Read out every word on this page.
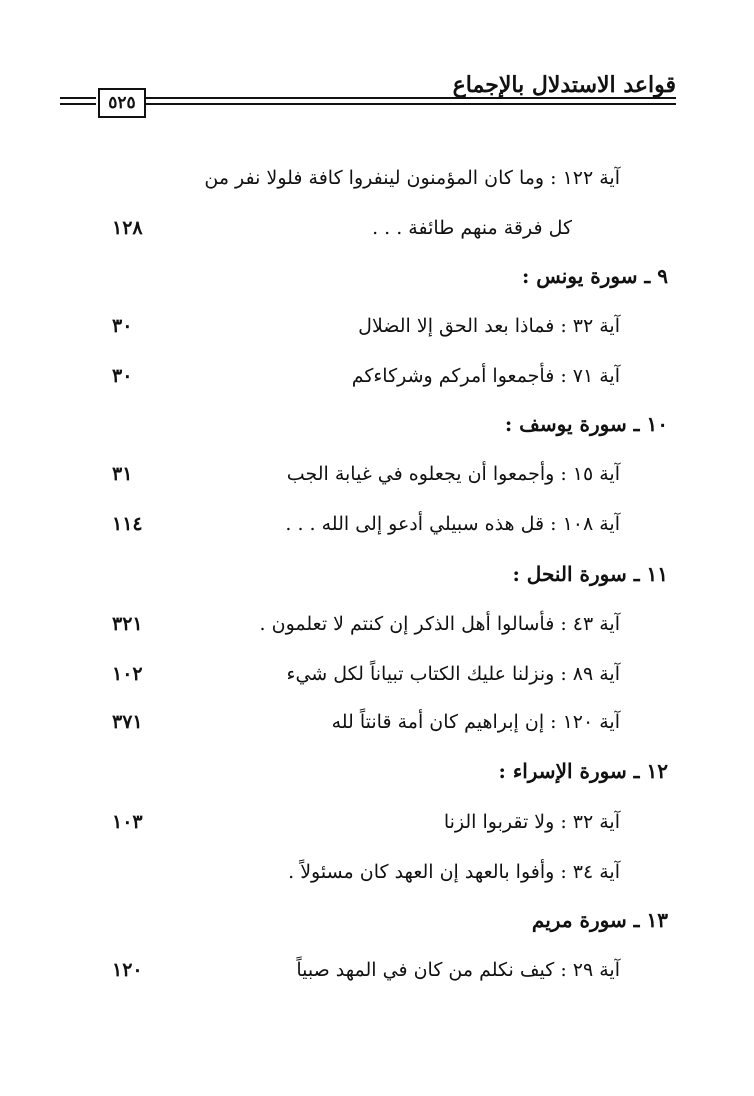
٥٢٥
قواعد الاستدلال بالإجماع
آية ١٢٢ : وما كان المؤمنون لينفروا كافة فلولا نفر من
كل فرقة منهم طائفة . . .
١٢٨
٩ ـ سورة يونس :
آية ٣٢ : فماذا بعد الحق إلا الضلال
٣٠
آية ٧١ : فأجمعوا أمركم وشركاءكم
٣٠
١٠ ـ سورة يوسف :
آية ١٥ : وأجمعوا أن يجعلوه في غيابة الجب
٣١
آية ١٠٨ : قل هذه سبيلي أدعو إلى الله . . .
١١٤
١١ ـ سورة النحل :
آية ٤٣ : فأسالوا أهل الذكر إن كنتم لا تعلمون .
٣٢١
آية ٨٩ : ونزلنا عليك الكتاب تبياناً لكل شيء
١٠٢
آية ١٢٠ : إن إبراهيم كان أمة قانتاً لله
٣٧١
١٢ ـ سورة الإسراء :
آية ٣٢ : ولا تقربوا الزنا
١٠٣
آية ٣٤ : وأفوا بالعهد إن العهد كان مسئولاً .
١٣ ـ سورة مريم
آية ٢٩ : كيف نكلم من كان في المهد صبياً
١٢٠
